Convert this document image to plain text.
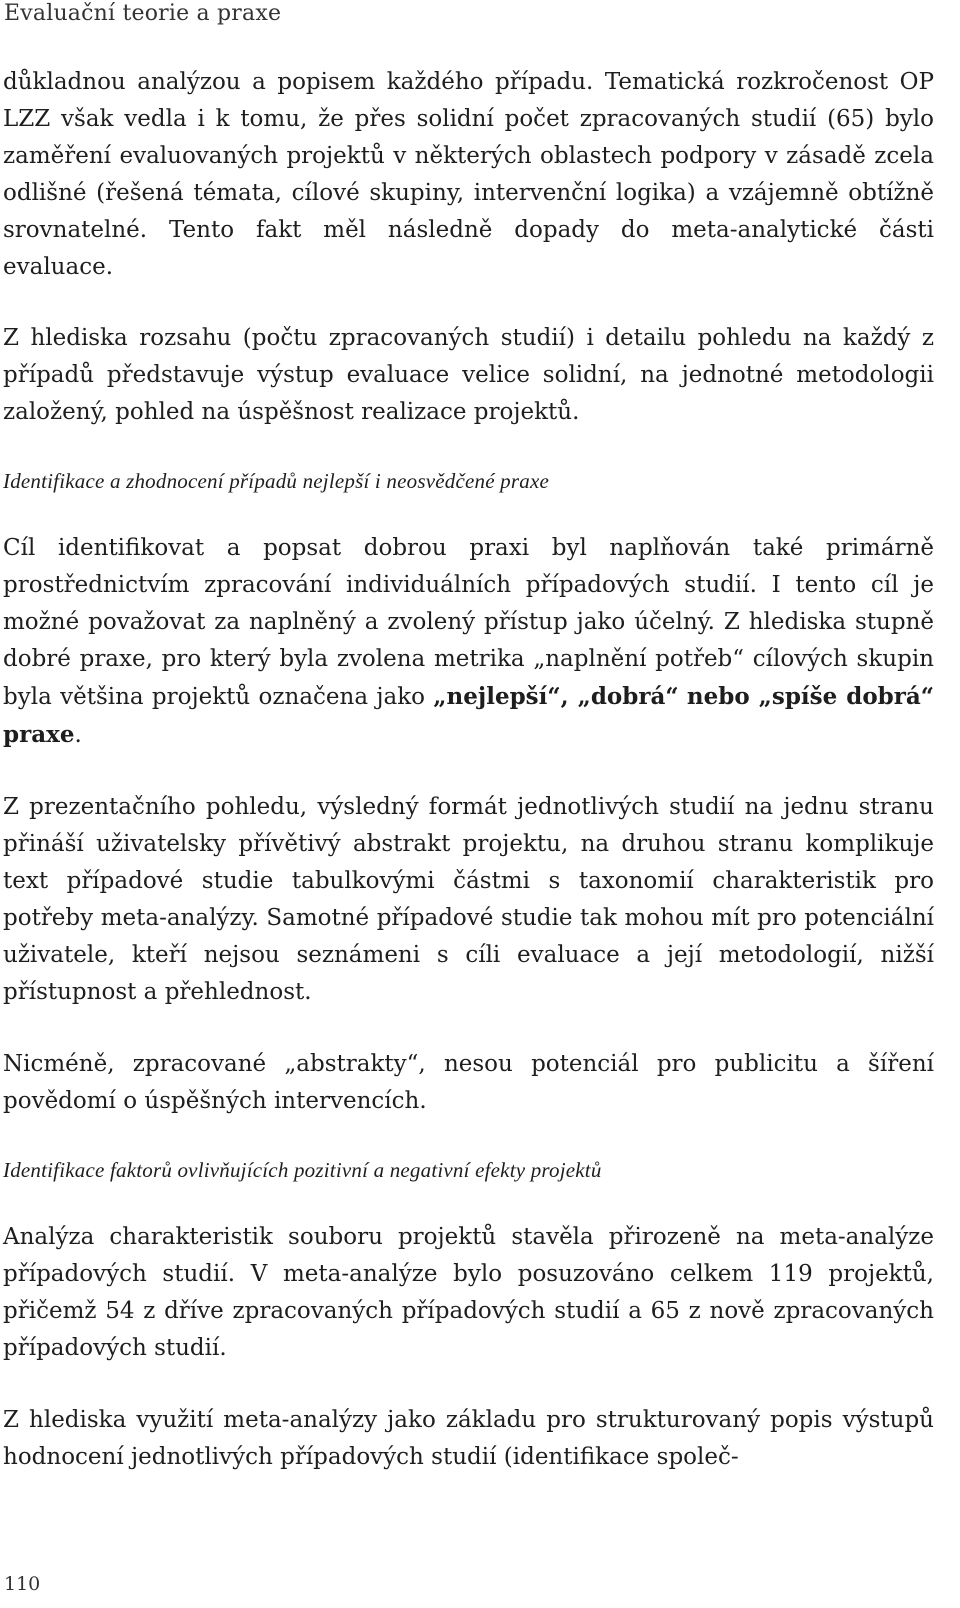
Evaluační teorie a praxe

důkladnou analýzou a popisem každého případu. Tematická rozkročenost OP LZZ však vedla i k tomu, že přes solidní počet zpracovaných studií (65) bylo zaměření evaluovaných projektů v některých oblastech podpory v zásadě zcela odlišné (řešená témata, cílové skupiny, intervenční logika) a vzájemně obtížně srovnatelné. Tento fakt měl následně dopady do meta-analytické části evaluace.

Z hlediska rozsahu (počtu zpracovaných studií) i detailu pohledu na každý z případů představuje výstup evaluace velice solidní, na jednotné metodologii založený, pohled na úspěšnost realizace projektů.

Identifikace a zhodnocení případů nejlepší i neosvědčené praxe

Cíl identifikovat a popsat dobrou praxi byl naplňován také primárně prostřednictvím zpracování individuálních případových studií. I tento cíl je možné považovat za naplněný a zvolený přístup jako účelný. Z hlediska stupně dobré praxe, pro který byla zvolena metrika „naplnění potřeb“ cílových skupin byla většina projektů označena jako „nejlepší“, „dobrá“ nebo „spíše dobrá“ praxe.

Z prezentačního pohledu, výsledný formát jednotlivých studií na jednu stranu přináší uživatelsky přívětivý abstrakt projektu, na druhou stranu komplikuje text případové studie tabulkovými částmi s taxonomií charakteristik pro potřeby meta-analýzy. Samotné případové studie tak mohou mít pro potenciální uživatele, kteří nejsou seznámeni s cíli evaluace a její metodologií, nižší přístupnost a přehlednost.

Nicméně, zpracované „abstrakty“, nesou potenciál pro publicitu a šíření povědomí o úspěšných intervencích.

Identifikace faktorů ovlivňujících pozitivní a negativní efekty projektů

Analýza charakteristik souboru projektů stavěla přirozeně na meta-analýze případových studií. V meta-analýze bylo posuzováno celkem 119 projektů, přičemž 54 z dříve zpracovaných případových studií a 65 z nově zpracovaných případových studií.

Z hlediska využití meta-analýzy jako základu pro strukturovaný popis výstupů hodnocení jednotlivých případových studií (identifikace společ-

110
